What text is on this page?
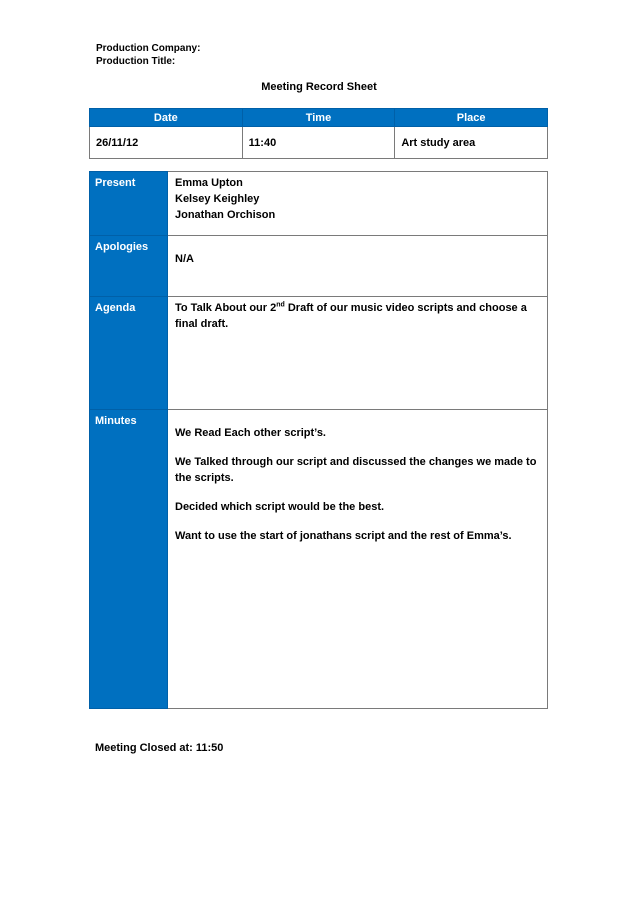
Production Company:
Production Title:
Meeting Record Sheet
Date	Time	Place
26/11/12	11:40	Art study area
Present	Emma Upton

Kelsey Keighley

Jonathan Orchison

Apologies	N/A

Agenda	To Talk About our 2nd Draft of our music video scripts and choose a final draft.

Minutes	We Read Each other script’s.

We Talked through our script and discussed the changes we made to the scripts.

Decided which script would be the best.

Want to use the start of jonathans script and the rest of Emma’s.

Meeting Closed at: 11:50
